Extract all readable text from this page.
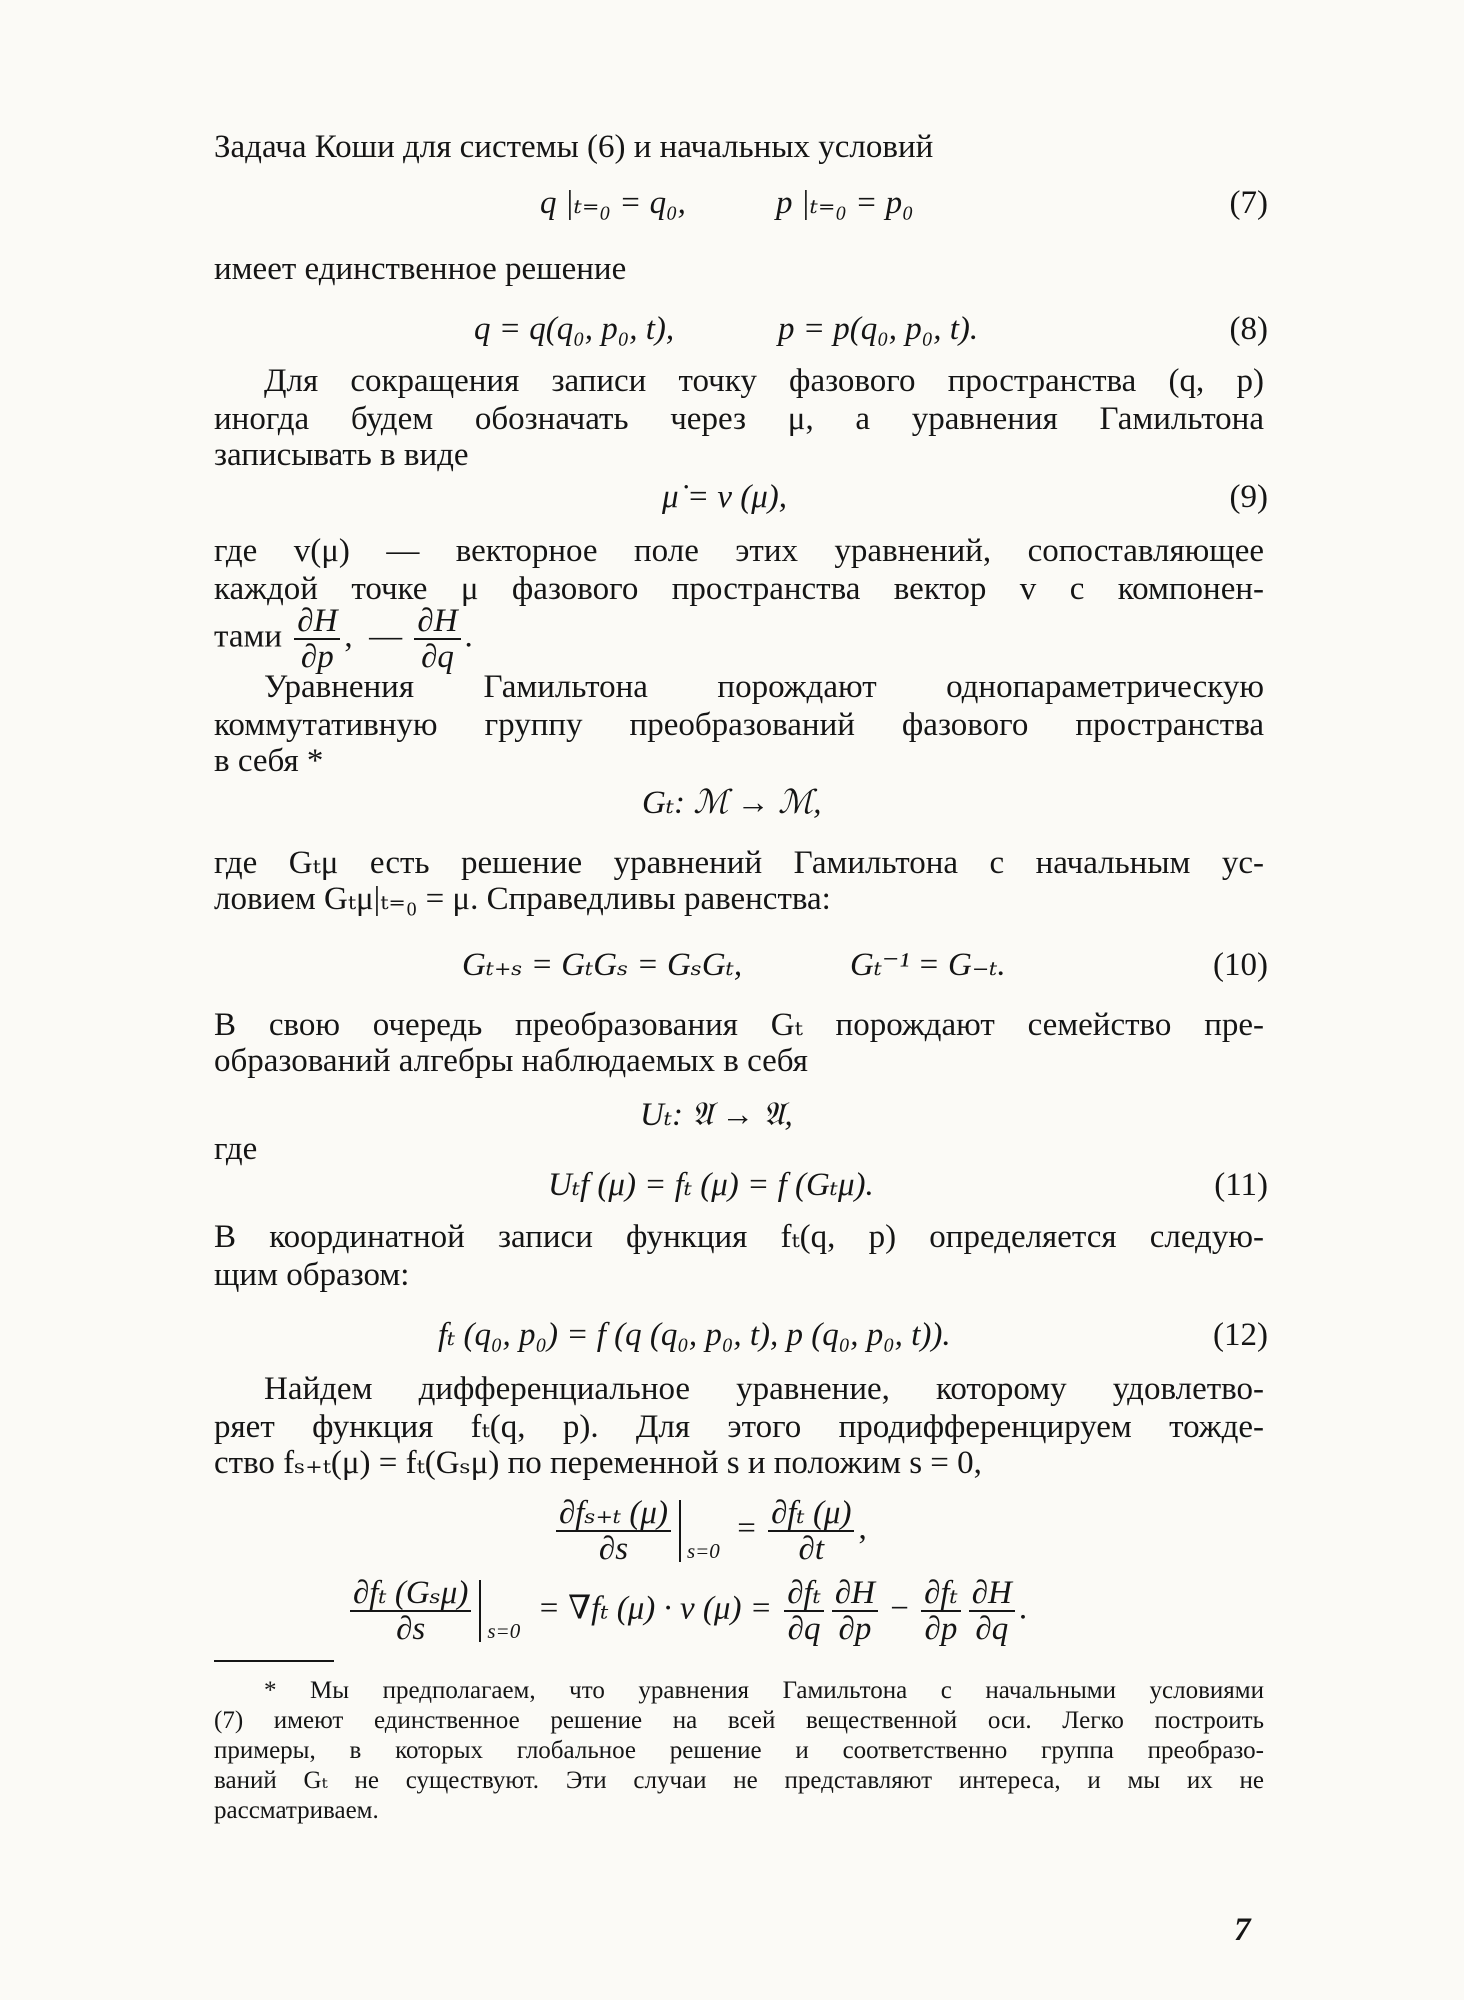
Задача Коши для системы (6) и начальных условий
q |ₜ₌₀ = q₀,	p |ₜ₌₀ = p₀	(7)
имеет единственное решение
q = q(q₀, p₀, t),	p = p(q₀, p₀, t).	(8)
Для сокращения записи точку фазового пространства (q, p)
иногда будем обозначать через μ, а уравнения Гамильтона
записывать в виде
μ̇ = v (μ),	(9)
где v(μ) — векторное поле этих уравнений, сопоставляющее
каждой точке μ фазового пространства вектор v с компонен-
тами $\frac{\partial H}{\partial p}$ ,  — $\frac{\partial H}{\partial q}$ .
Уравнения Гамильтона порождают однопараметрическую
коммутативную группу преобразований фазового пространства
в себя *
Gₜ: ℳ → ℳ,
где Gₜμ есть решение уравнений Гамильтона с начальным ус-
ловием Gₜμ|ₜ₌₀ = μ. Справедливы равенства:
Gₜ₊ₛ = GₜGₛ = GₛGₜ,	Gₜ⁻¹ = G₋ₜ.	(10)
В свою очередь преобразования Gₜ порождают семейство пре-
образований алгебры наблюдаемых в себя
Uₜ: 𝔄 → 𝔄,
где
Uₜf (μ) = fₜ (μ) = f (Gₜμ).	(11)
В координатной записи функция fₜ(q, p) определяется следую-
щим образом:
fₜ (q₀, p₀) = f (q (q₀, p₀, t), p (q₀, p₀, t)).	(12)
Найдем дифференциальное уравнение, которому удовлетво-
ряет функция fₜ(q, p). Для этого продифференцируем тожде-
ство fₛ₊ₜ(μ) = fₜ(Gₛμ) по переменной s и положим s = 0,
$\frac{\text{∂fₛ₊ₜ (μ)}}{\partial s} s=0$
= $\frac{\text{∂fₜ (μ)}}{\partial t}$ ,
$\frac{\text{∂fₜ (Gₛμ)}}{\partial s} s=0$
= ∇fₜ (μ) · v $(\mu) = \frac{\text{∂fₜ}}{\partial q} \frac{\partial H}{\partial p} - \frac{\text{∂fₜ}}{\partial p} \frac{\partial H}{\partial q}$ .
* Мы предполагаем, что уравнения Гамильтона с начальными условиями
(7) имеют единственное решение на всей вещественной оси. Легко построить
примеры, в которых глобальное решение и соответственно группа преобразо-
ваний Gₜ не существуют. Эти случаи не представляют интереса, и мы их не
рассматриваем.
7
